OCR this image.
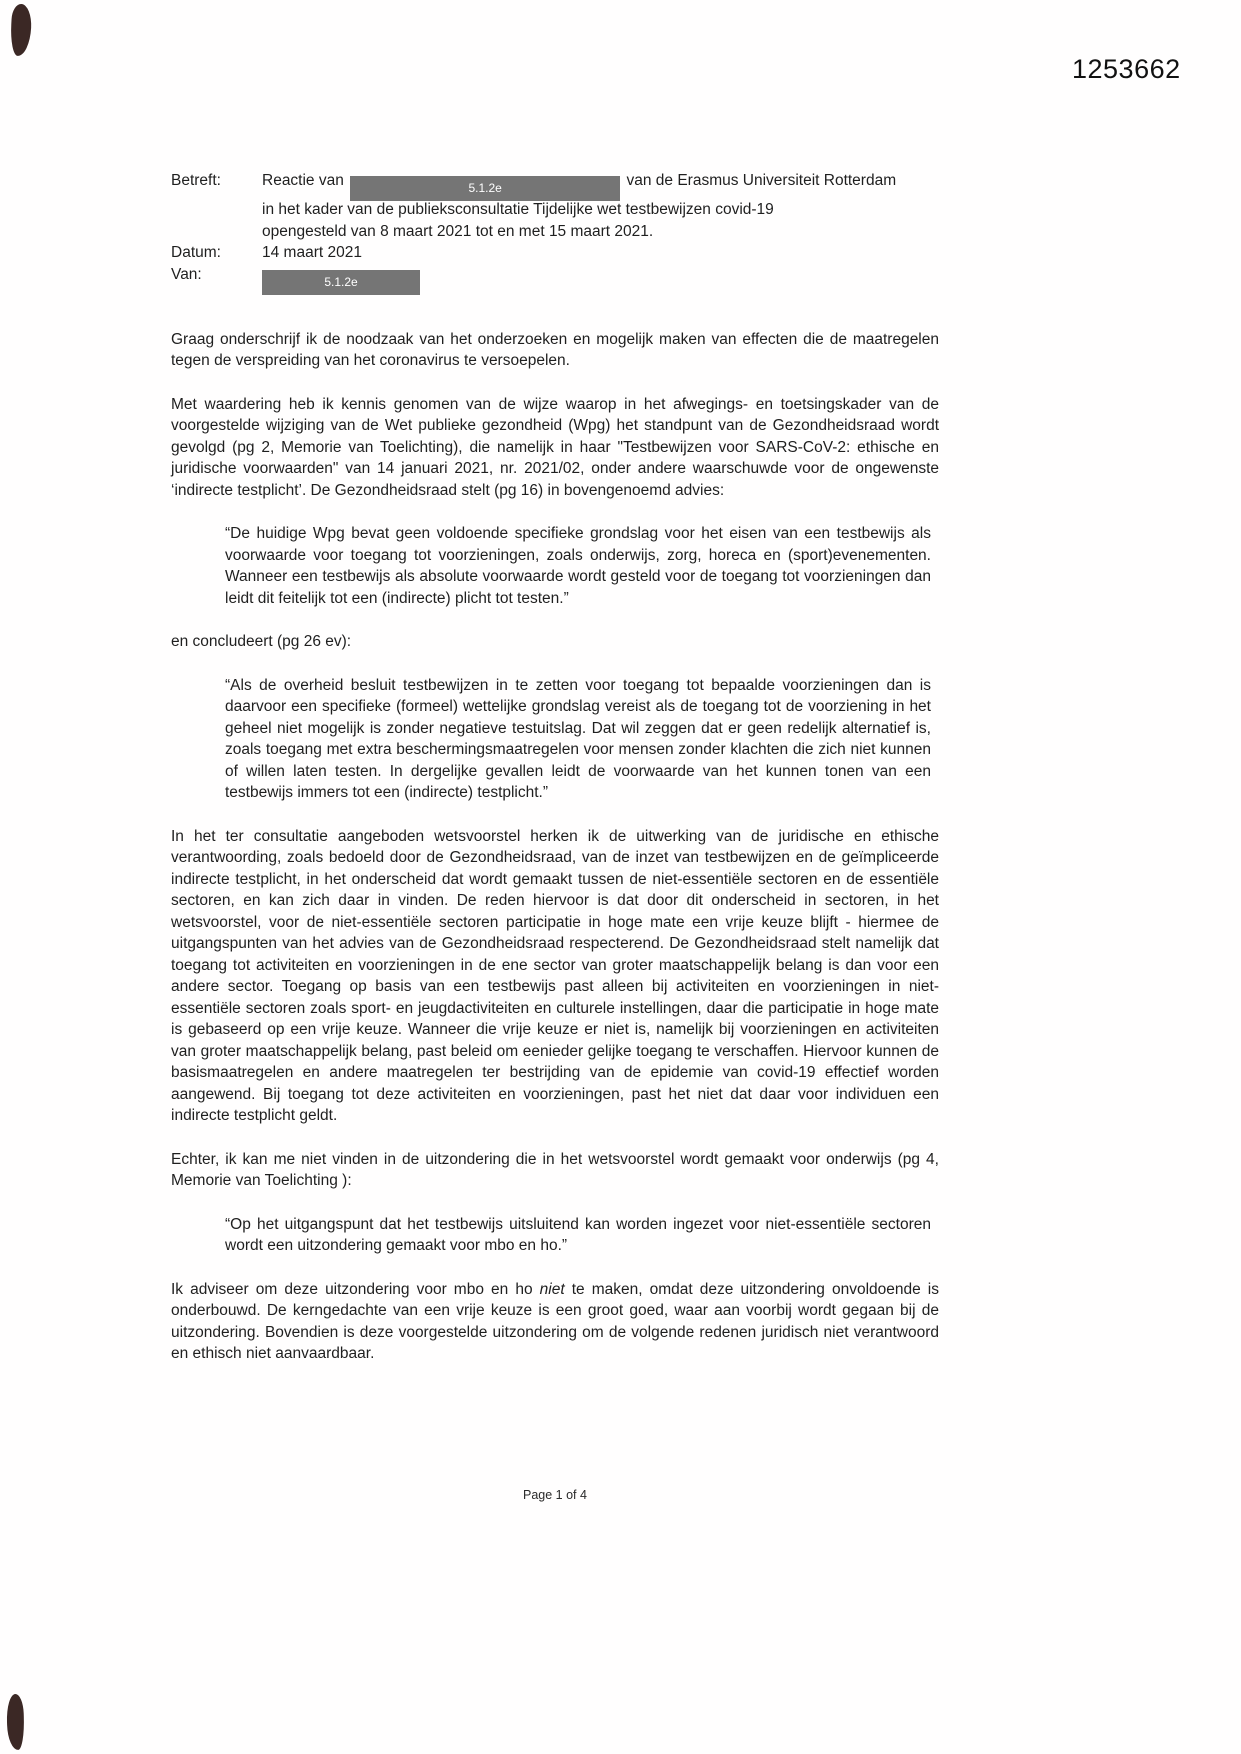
1253662
Betreft:	Reactie van	5.1.2e	van de Erasmus Universiteit Rotterdam
in het kader van de publieksconsultatie Tijdelijke wet testbewijzen covid-19
opengesteld van 8 maart 2021 tot en met 15 maart 2021.
Datum:	14 maart 2021
Van:	5.1.2e

Graag onderschrijf ik de noodzaak van het onderzoeken en mogelijk maken van effecten die de maatregelen tegen de verspreiding van het coronavirus te versoepelen.

Met waardering heb ik kennis genomen van de wijze waarop in het afwegings- en toetsingskader van de voorgestelde wijziging van de Wet publieke gezondheid (Wpg) het standpunt van de Gezondheidsraad wordt gevolgd (pg 2, Memorie van Toelichting), die namelijk in haar "Testbewijzen voor SARS-CoV-2: ethische en juridische voorwaarden" van 14 januari 2021, nr. 2021/02, onder andere waarschuwde voor de ongewenste ‘indirecte testplicht’. De Gezondheidsraad stelt (pg 16) in bovengenoemd advies:

“De huidige Wpg bevat geen voldoende specifieke grondslag voor het eisen van een testbewijs als voorwaarde voor toegang tot voorzieningen, zoals onderwijs, zorg, horeca en (sport)evenementen. Wanneer een testbewijs als absolute voorwaarde wordt gesteld voor de toegang tot voorzieningen dan leidt dit feitelijk tot een (indirecte) plicht tot testen.”

en concludeert (pg 26 ev):

“Als de overheid besluit testbewijzen in te zetten voor toegang tot bepaalde voorzieningen dan is daarvoor een specifieke (formeel) wettelijke grondslag vereist als de toegang tot de voorziening in het geheel niet mogelijk is zonder negatieve testuitslag. Dat wil zeggen dat er geen redelijk alternatief is, zoals toegang met extra beschermingsmaatregelen voor mensen zonder klachten die zich niet kunnen of willen laten testen. In dergelijke gevallen leidt de voorwaarde van het kunnen tonen van een testbewijs immers tot een (indirecte) testplicht.”

In het ter consultatie aangeboden wetsvoorstel herken ik de uitwerking van de juridische en ethische verantwoording, zoals bedoeld door de Gezondheidsraad, van de inzet van testbewijzen en de geïmpliceerde indirecte testplicht, in het onderscheid dat wordt gemaakt tussen de niet-essentiële sectoren en de essentiële sectoren, en kan zich daar in vinden. De reden hiervoor is dat door dit onderscheid in sectoren, in het wetsvoorstel, voor de niet-essentiële sectoren participatie in hoge mate een vrije keuze blijft - hiermee de uitgangspunten van het advies van de Gezondheidsraad respecterend. De Gezondheidsraad stelt namelijk dat toegang tot activiteiten en voorzieningen in de ene sector van groter maatschappelijk belang is dan voor een andere sector. Toegang op basis van een testbewijs past alleen bij activiteiten en voorzieningen in niet-essentiële sectoren zoals sport- en jeugdactiviteiten en culturele instellingen, daar die participatie in hoge mate is gebaseerd op een vrije keuze. Wanneer die vrije keuze er niet is, namelijk bij voorzieningen en activiteiten van groter maatschappelijk belang, past beleid om eenieder gelijke toegang te verschaffen. Hiervoor kunnen de basismaatregelen en andere maatregelen ter bestrijding van de epidemie van covid-19 effectief worden aangewend. Bij toegang tot deze activiteiten en voorzieningen, past het niet dat daar voor individuen een indirecte testplicht geldt.

Echter, ik kan me niet vinden in de uitzondering die in het wetsvoorstel wordt gemaakt voor onderwijs (pg 4, Memorie van Toelichting ):

“Op het uitgangspunt dat het testbewijs uitsluitend kan worden ingezet voor niet-essentiële sectoren wordt een uitzondering gemaakt voor mbo en ho.”

Ik adviseer om deze uitzondering voor mbo en ho niet te maken, omdat deze uitzondering onvoldoende is onderbouwd. De kerngedachte van een vrije keuze is een groot goed, waar aan voorbij wordt gegaan bij de uitzondering. Bovendien is deze voorgestelde uitzondering om de volgende redenen juridisch niet verantwoord en ethisch niet aanvaardbaar.

Page 1 of 4
